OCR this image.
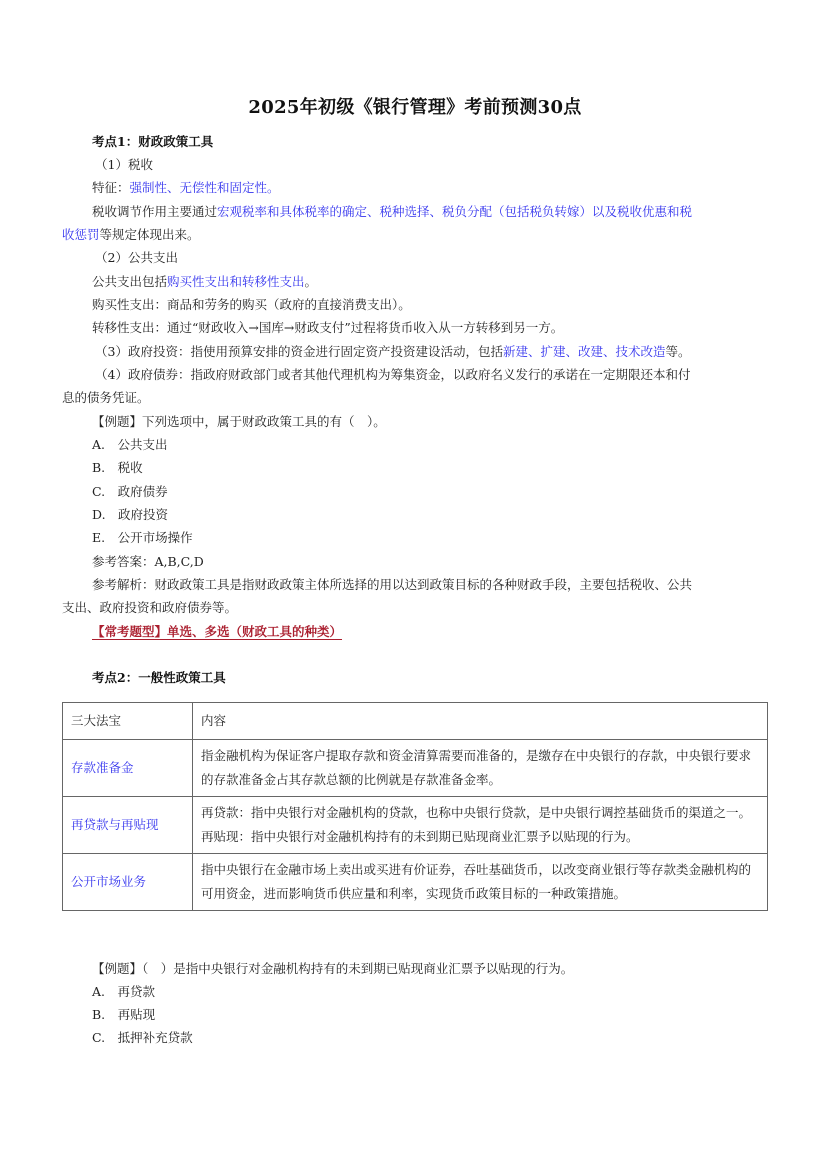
2025年初级《银行管理》考前预测30点
考点1：财政政策工具
（1）税收
特征：强制性、无偿性和固定性。
税收调节作用主要通过宏观税率和具体税率的确定、税种选择、税负分配（包括税负转嫁）以及税收优惠和税
收惩罚等规定体现出来。
（2）公共支出
公共支出包括购买性支出和转移性支出。
购买性支出：商品和劳务的购买（政府的直接消费支出）。
转移性支出：通过“财政收入→国库→财政支付”过程将货币收入从一方转移到另一方。
（3）政府投资：指使用预算安排的资金进行固定资产投资建设活动，包括新建、扩建、改建、技术改造等。
（4）政府债券：指政府财政部门或者其他代理机构为筹集资金，以政府名义发行的承诺在一定期限还本和付
息的债务凭证。
【例题】下列选项中，属于财政政策工具的有（　）。
A.　公共支出
B.　税收
C.　政府债券
D.　政府投资
E.　公开市场操作
参考答案：A,B,C,D
参考解析：财政政策工具是指财政政策主体所选择的用以达到政策目标的各种财政手段，主要包括税收、公共
支出、政府投资和政府债券等。
【常考题型】单选、多选（财政工具的种类）
考点2：一般性政策工具
三大法宝	内容
存款准备金	指金融机构为保证客户提取存款和资金清算需要而准备的，是缴存在中央银行的存款，中央银行要求的存款准备金占其存款总额的比例就是存款准备金率。
再贷款与再贴现	再贷款：指中央银行对金融机构的贷款，也称中央银行贷款，是中央银行调控基础货币的渠道之一。
再贴现：指中央银行对金融机构持有的未到期已贴现商业汇票予以贴现的行为。

公开市场业务	指中央银行在金融市场上卖出或买进有价证券，吞吐基础货币，以改变商业银行等存款类金融机构的可用资金，进而影响货币供应量和利率，实现货币政策目标的一种政策措施。
【例题】（　）是指中央银行对金融机构持有的未到期已贴现商业汇票予以贴现的行为。
A.　再贷款
B.　再贴现
C.　抵押补充贷款
